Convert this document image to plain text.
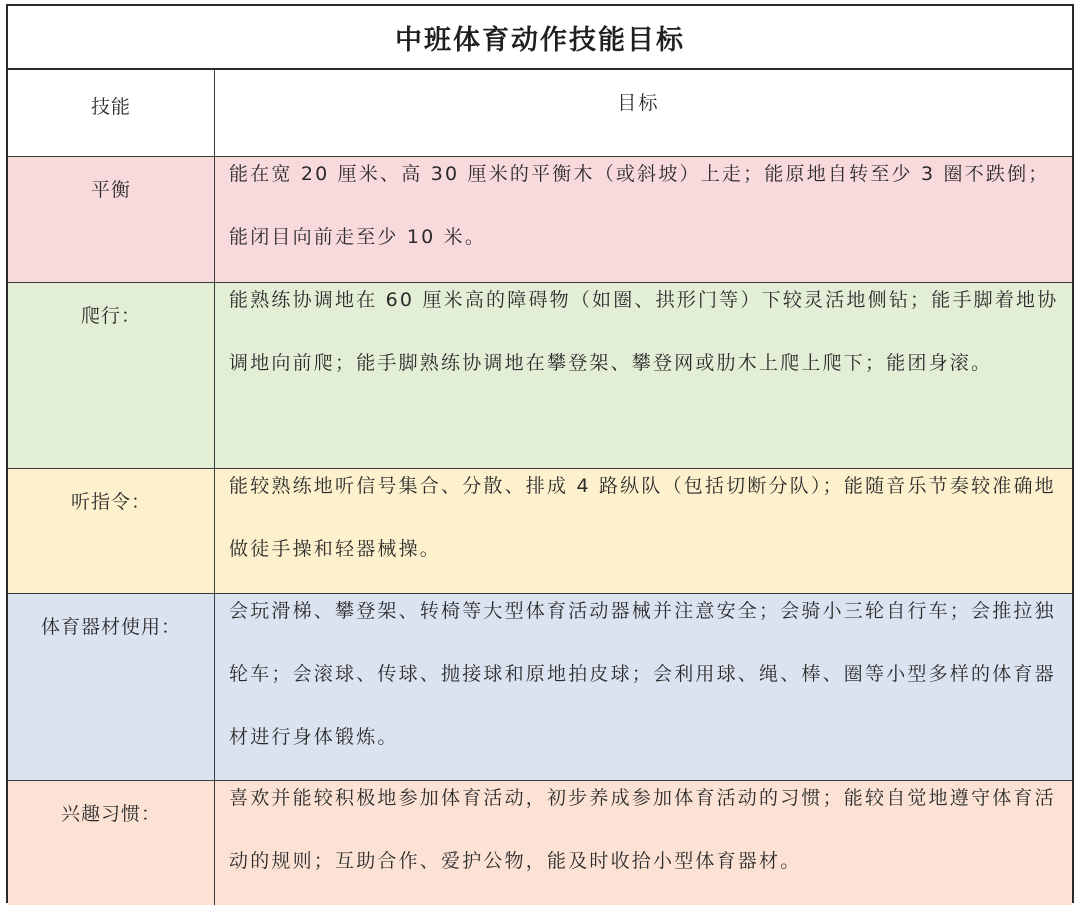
中班体育动作技能目标
技能	目标
平衡
能在宽 20 厘米、高 30 厘米的平衡木（或斜坡）上走；能原地自转至少 3 圈不跌倒；能闭目向前走至少 10 米。
爬行：
能熟练协调地在 60 厘米高的障碍物（如圈、拱形门等）下较灵活地侧钻；能手脚着地协调地向前爬；能手脚熟练协调地在攀登架、攀登网或肋木上爬上爬下；能团身滚。
听指令：
能较熟练地听信号集合、分散、排成 4 路纵队（包括切断分队）；能随音乐节奏较准确地做徒手操和轻器械操。
体育器材使用：
会玩滑梯、攀登架、转椅等大型体育活动器械并注意安全；会骑小三轮自行车；会推拉独轮车；会滚球、传球、抛接球和原地拍皮球；会利用球、绳、棒、圈等小型多样的体育器材进行身体锻炼。
兴趣习惯：
喜欢并能较积极地参加体育活动，初步养成参加体育活动的习惯；能较自觉地遵守体育活动的规则；互助合作、爱护公物，能及时收拾小型体育器材。
